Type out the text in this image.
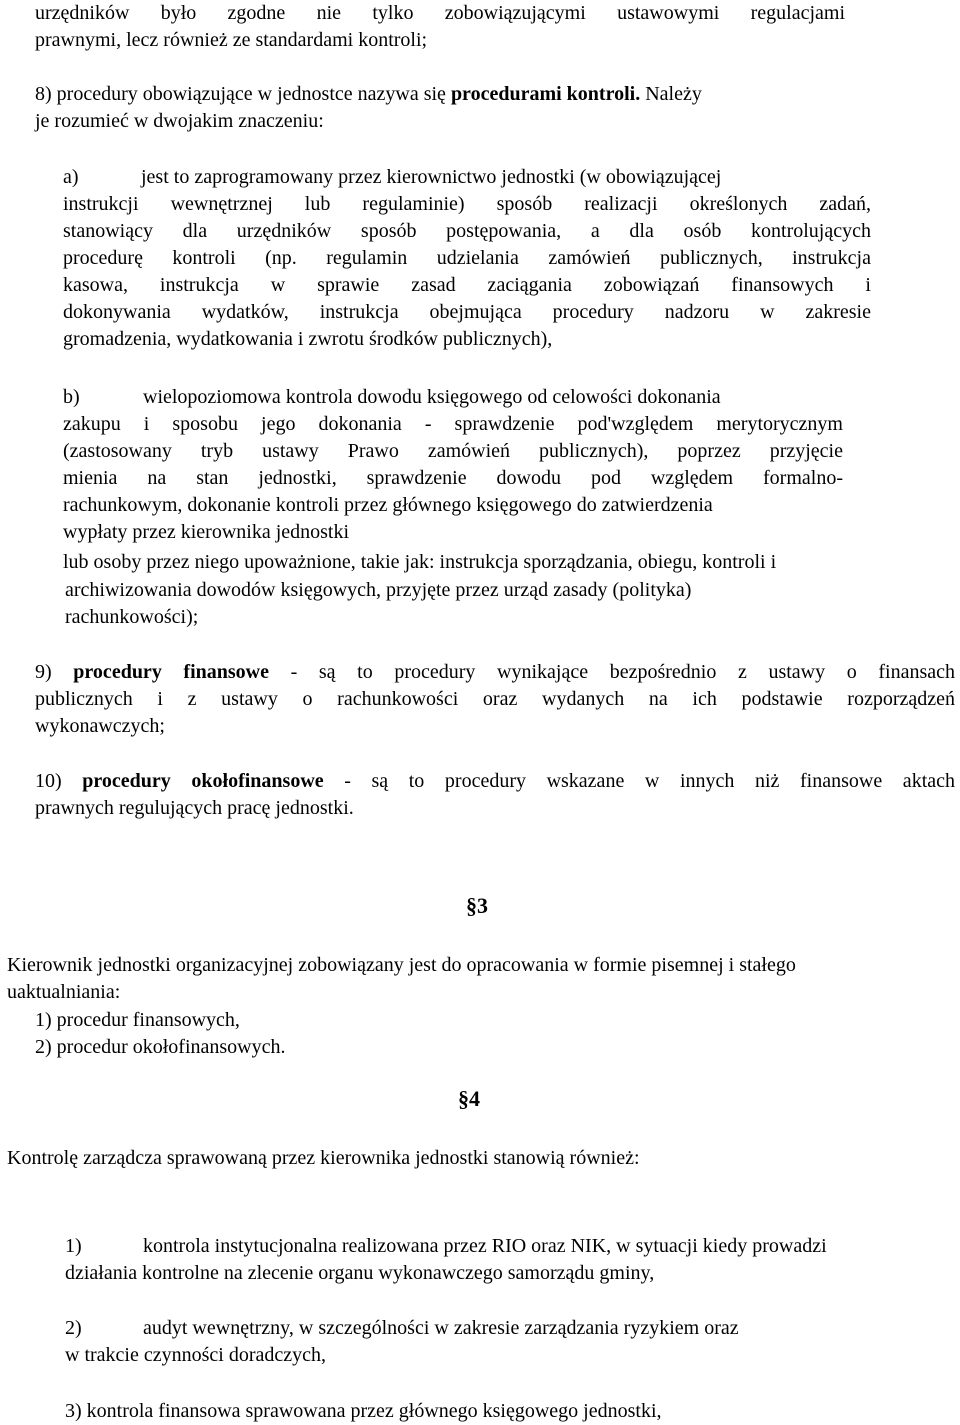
urzędników było zgodne nie tylko zobowiązującymi ustawowymi regulacjami
prawnymi, lecz również ze standardami kontroli;
8) procedury obowiązujące w jednostce nazywa się procedurami kontroli. Należy
je rozumieć w dwojakim znaczeniu:
a)	jest to zaprogramowany przez kierownictwo jednostki (w obowiązującej
instrukcji wewnętrznej lub regulaminie) sposób realizacji określonych zadań,
stanowiący dla urzędników sposób postępowania, a dla osób kontrolujących
procedurę kontroli (np. regulamin udzielania zamówień publicznych, instrukcja
kasowa, instrukcja w sprawie zasad zaciągania zobowiązań finansowych i
dokonywania wydatków, instrukcja obejmująca procedury nadzoru w zakresie
gromadzenia, wydatkowania i zwrotu środków publicznych),
b)	wielopoziomowa kontrola dowodu księgowego od celowości dokonania
zakupu i sposobu jego dokonania - sprawdzenie pod'względem merytorycznym
(zastosowany tryb ustawy Prawo zamówień publicznych), poprzez przyjęcie
mienia na stan jednostki, sprawdzenie dowodu pod względem formalno-
rachunkowym, dokonanie kontroli przez głównego księgowego do zatwierdzenia
wypłaty przez kierownika jednostki
lub osoby przez niego upoważnione, takie jak: instrukcja sporządzania, obiegu, kontroli i
archiwizowania dowodów księgowych, przyjęte przez urząd zasady (polityka)
rachunkowości);
9) procedury finansowe - są to procedury wynikające bezpośrednio z ustawy o finansach
publicznych i z ustawy o rachunkowości oraz wydanych na ich podstawie rozporządzeń
wykonawczych;
10) procedury okołofinansowe - są to procedury wskazane w innych niż finansowe aktach
prawnych regulujących pracę jednostki.
§3
Kierownik jednostki organizacyjnej zobowiązany jest do opracowania w formie pisemnej i stałego
uaktualniania:
1) procedur finansowych,
2) procedur okołofinansowych.
§4
Kontrolę zarządcza sprawowaną przez kierownika jednostki stanowią również:
1)	kontrola instytucjonalna realizowana przez RIO oraz NIK, w sytuacji kiedy prowadzi
działania kontrolne na zlecenie organu wykonawczego samorządu gminy,
2)	audyt wewnętrzny, w szczególności w zakresie zarządzania ryzykiem oraz
w trakcie czynności doradczych,
3) kontrola finansowa sprawowana przez głównego księgowego jednostki,
